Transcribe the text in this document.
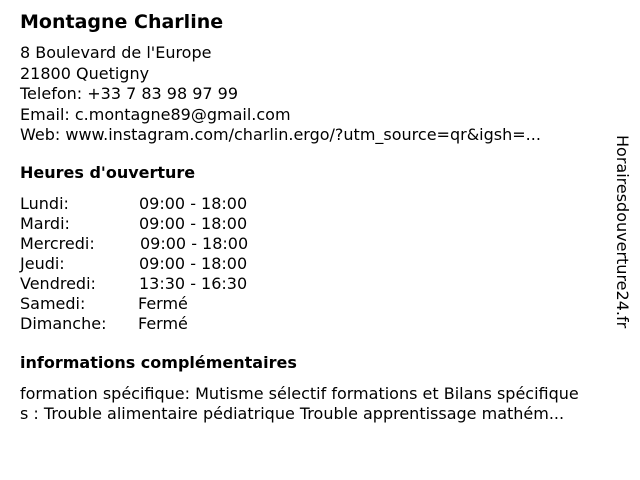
Montagne Charline
8 Boulevard de l'Europe
21800 Quetigny
Telefon: +33 7 83 98 97 99
Email: c.montagne89@gmail.com
Web: www.instagram.com/charlin.ergo/?utm_source=qr&igsh=...
Heures d'ouverture
Lundi:	09:00 - 18:00
Mardi:	09:00 - 18:00
Mercredi:	09:00 - 18:00
Jeudi:	09:00 - 18:00
Vendredi:	13:30 - 16:30
Samedi:	Fermé
Dimanche: Fermé
informations complémentaires
formation spécifique: Mutisme sélectif formations et Bilans spécifique
s : Trouble alimentaire pédiatrique Trouble apprentissage mathém...
Horairesdouverture24.fr
